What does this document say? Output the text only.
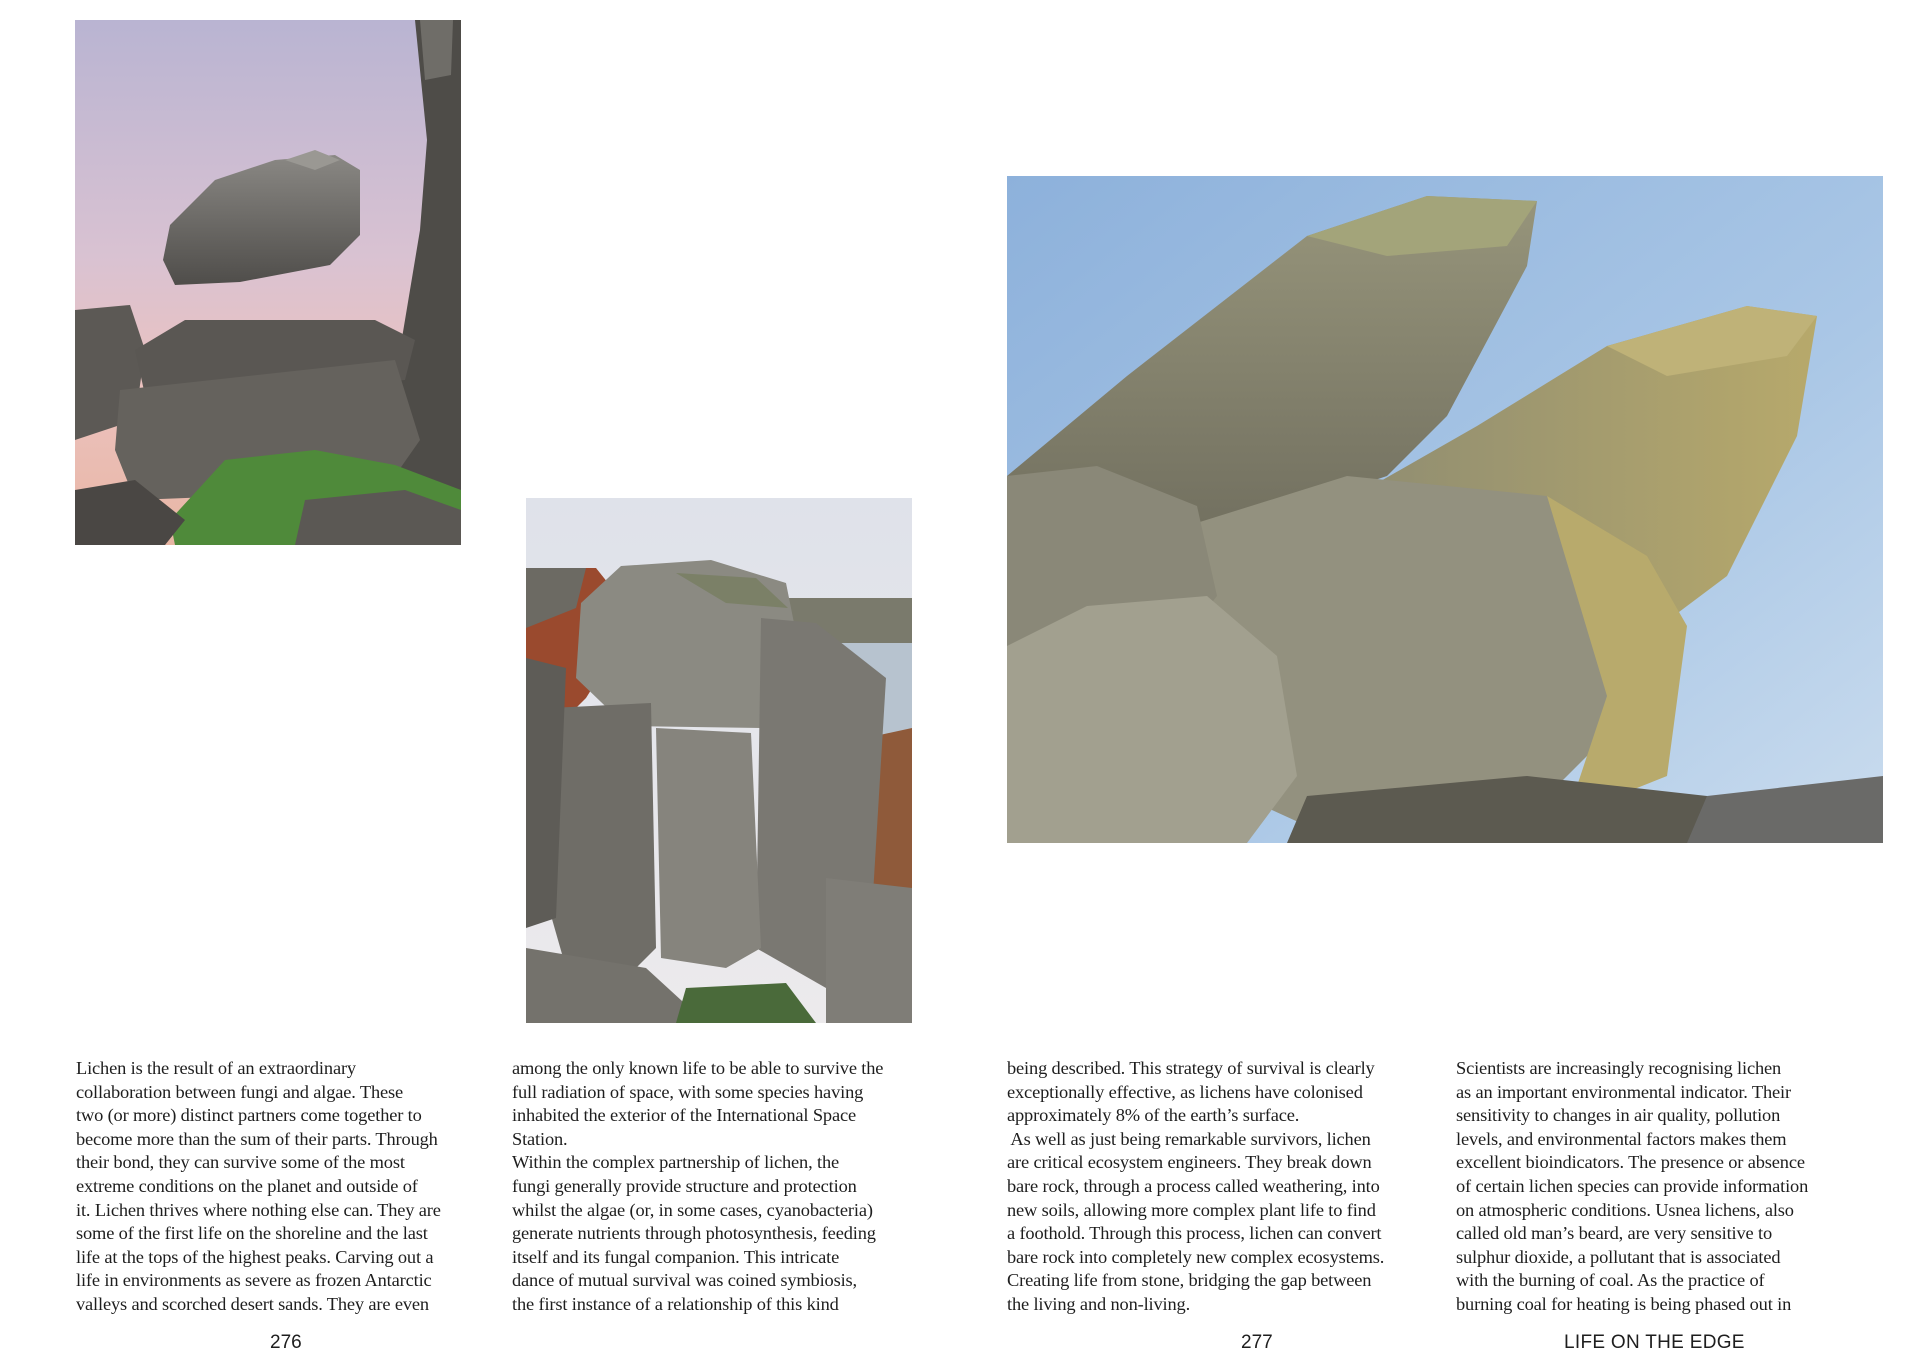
Lichen is the result of an extraordinary
collaboration between fungi and algae. These
two (or more) distinct partners come together to
become more than the sum of their parts. Through
their bond, they can survive some of the most
extreme conditions on the planet and outside of
it. Lichen thrives where nothing else can. They are
some of the first life on the shoreline and the last
life at the tops of the highest peaks. Carving out a
life in environments as severe as frozen Antarctic
valleys and scorched desert sands. They are even
among the only known life to be able to survive the
full radiation of space, with some species having
inhabited the exterior of the International Space
Station.
Within the complex partnership of lichen, the
fungi generally provide structure and protection
whilst the algae (or, in some cases, cyanobacteria)
generate nutrients through photosynthesis, feeding
itself and its fungal companion. This intricate
dance of mutual survival was coined symbiosis,
the first instance of a relationship of this kind
being described. This strategy of survival is clearly
exceptionally effective, as lichens have colonised
approximately 8% of the earth’s surface.
As well as just being remarkable survivors, lichen
are critical ecosystem engineers. They break down
bare rock, through a process called weathering, into
new soils, allowing more complex plant life to find
a foothold. Through this process, lichen can convert
bare rock into completely new complex ecosystems.
Creating life from stone, bridging the gap between
the living and non-living.
Scientists are increasingly recognising lichen
as an important environmental indicator. Their
sensitivity to changes in air quality, pollution
levels, and environmental factors makes them
excellent bioindicators. The presence or absence
of certain lichen species can provide information
on atmospheric conditions. Usnea lichens, also
called old man’s beard, are very sensitive to
sulphur dioxide, a pollutant that is associated
with the burning of coal. As the practice of
burning coal for heating is being phased out in
276	277	LIFE ON THE EDGE
